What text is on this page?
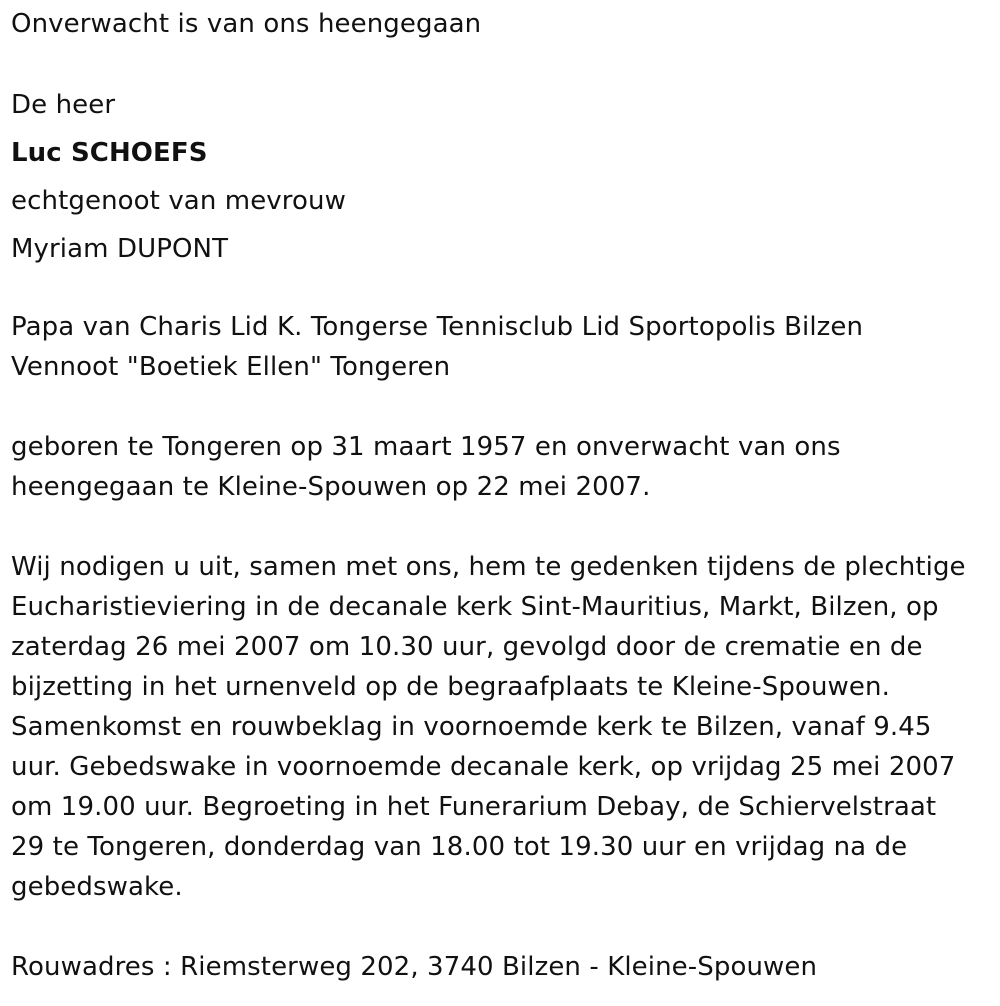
Onverwacht is van ons heengegaan
De heer
Luc SCHOEFS
echtgenoot van mevrouw
Myriam DUPONT
Papa van Charis Lid K. Tongerse Tennisclub Lid Sportopolis Bilzen
Vennoot "Boetiek Ellen" Tongeren
geboren te Tongeren op 31 maart 1957 en onverwacht van ons
heengegaan te Kleine-Spouwen op 22 mei 2007.
Wij nodigen u uit, samen met ons, hem te gedenken tijdens de plechtige
Eucharistieviering in de decanale kerk Sint-Mauritius, Markt, Bilzen, op
zaterdag 26 mei 2007 om 10.30 uur, gevolgd door de crematie en de
bijzetting in het urnenveld op de begraafplaats te Kleine-Spouwen.
Samenkomst en rouwbeklag in voornoemde kerk te Bilzen, vanaf 9.45
uur. Gebedswake in voornoemde decanale kerk, op vrijdag 25 mei 2007
om 19.00 uur. Begroeting in het Funerarium Debay, de Schiervelstraat
29 te Tongeren, donderdag van 18.00 tot 19.30 uur en vrijdag na de
gebedswake.
Rouwadres : Riemsterweg 202, 3740 Bilzen - Kleine-Spouwen
